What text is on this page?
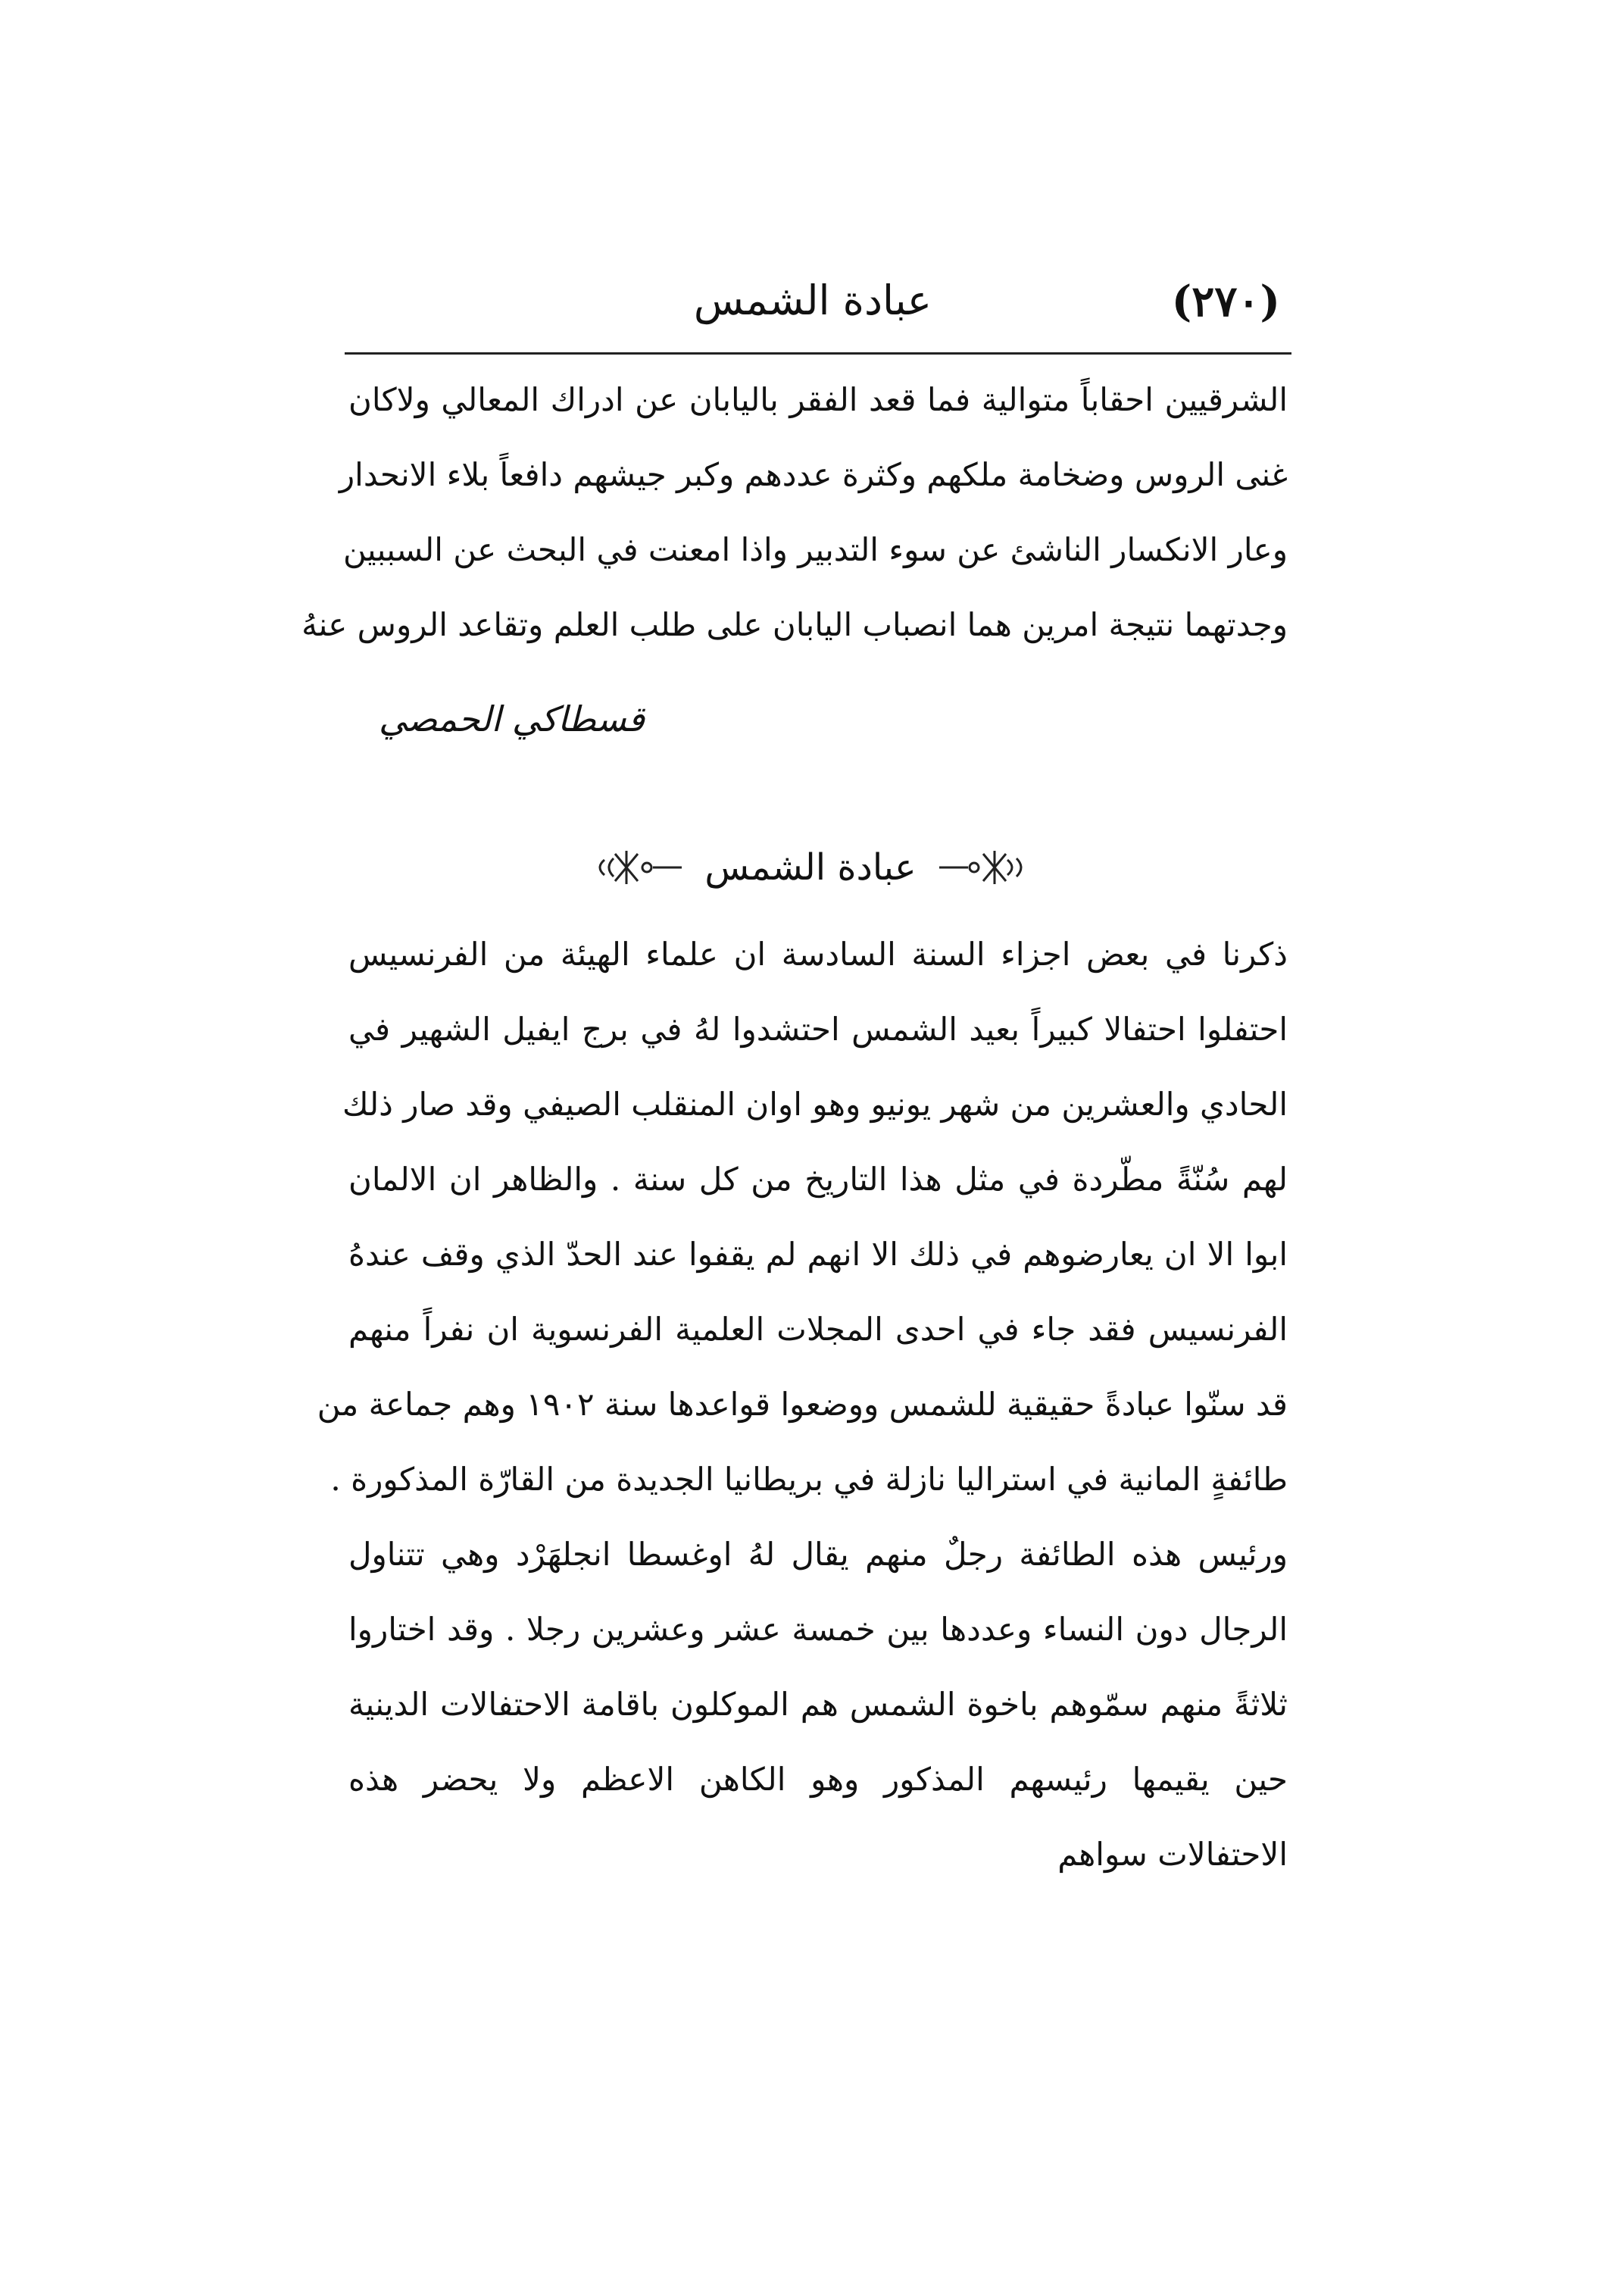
(٢٧٠)
عبادة الشمس
الشرقيين احقاباً متوالية فما قعد الفقر باليابان عن ادراك المعالي ولاكان
غنى الروس وضخامة ملكهم وكثرة عددهم وكبر جيشهم دافعاً بلاء الانحدار
وعار الانكسار الناشئ عن سوء التدبير واذا امعنت في البحث عن السببين
وجدتهما نتيجة امرين هما انصباب اليابان على طلب العلم وتقاعد الروس عنهُ
قسطاكي الحمصي
عبادة الشمس
ذكرنا في بعض اجزاء السنة السادسة ان علماء الهيئة من الفرنسيس
احتفلوا احتفالا كبيراً بعيد الشمس احتشدوا لهُ في برج ايفيل الشهير في
الحادي والعشرين من شهر يونيو وهو اوان المنقلب الصيفي وقد صار ذلك
لهم سُنّةً مطّردة في مثل هذا التاريخ من كل سنة . والظاهر ان الالمان
ابوا الا ان يعارضوهم في ذلك الا انهم لم يقفوا عند الحدّ الذي وقف عندهُ
الفرنسيس فقد جاء في احدى المجلات العلمية الفرنسوية ان نفراً منهم
قد سنّوا عبادةً حقيقية للشمس ووضعوا قواعدها سنة ١٩٠٢ وهم جماعة من
طائفةٍ المانية في استراليا نازلة في بريطانيا الجديدة من القارّة المذكورة .
ورئيس هذه الطائفة رجلٌ منهم يقال لهُ اوغسطا انجلهَرْد وهي تتناول
الرجال دون النساء وعددها بين خمسة عشر وعشرين رجلا . وقد اختاروا
ثلاثةً منهم سمّوهم باخوة الشمس هم الموكلون باقامة الاحتفالات الدينية
حين يقيمها رئيسهم المذكور وهو الكاهن الاعظم ولا يحضر هذه
الاحتفالات سواهم
